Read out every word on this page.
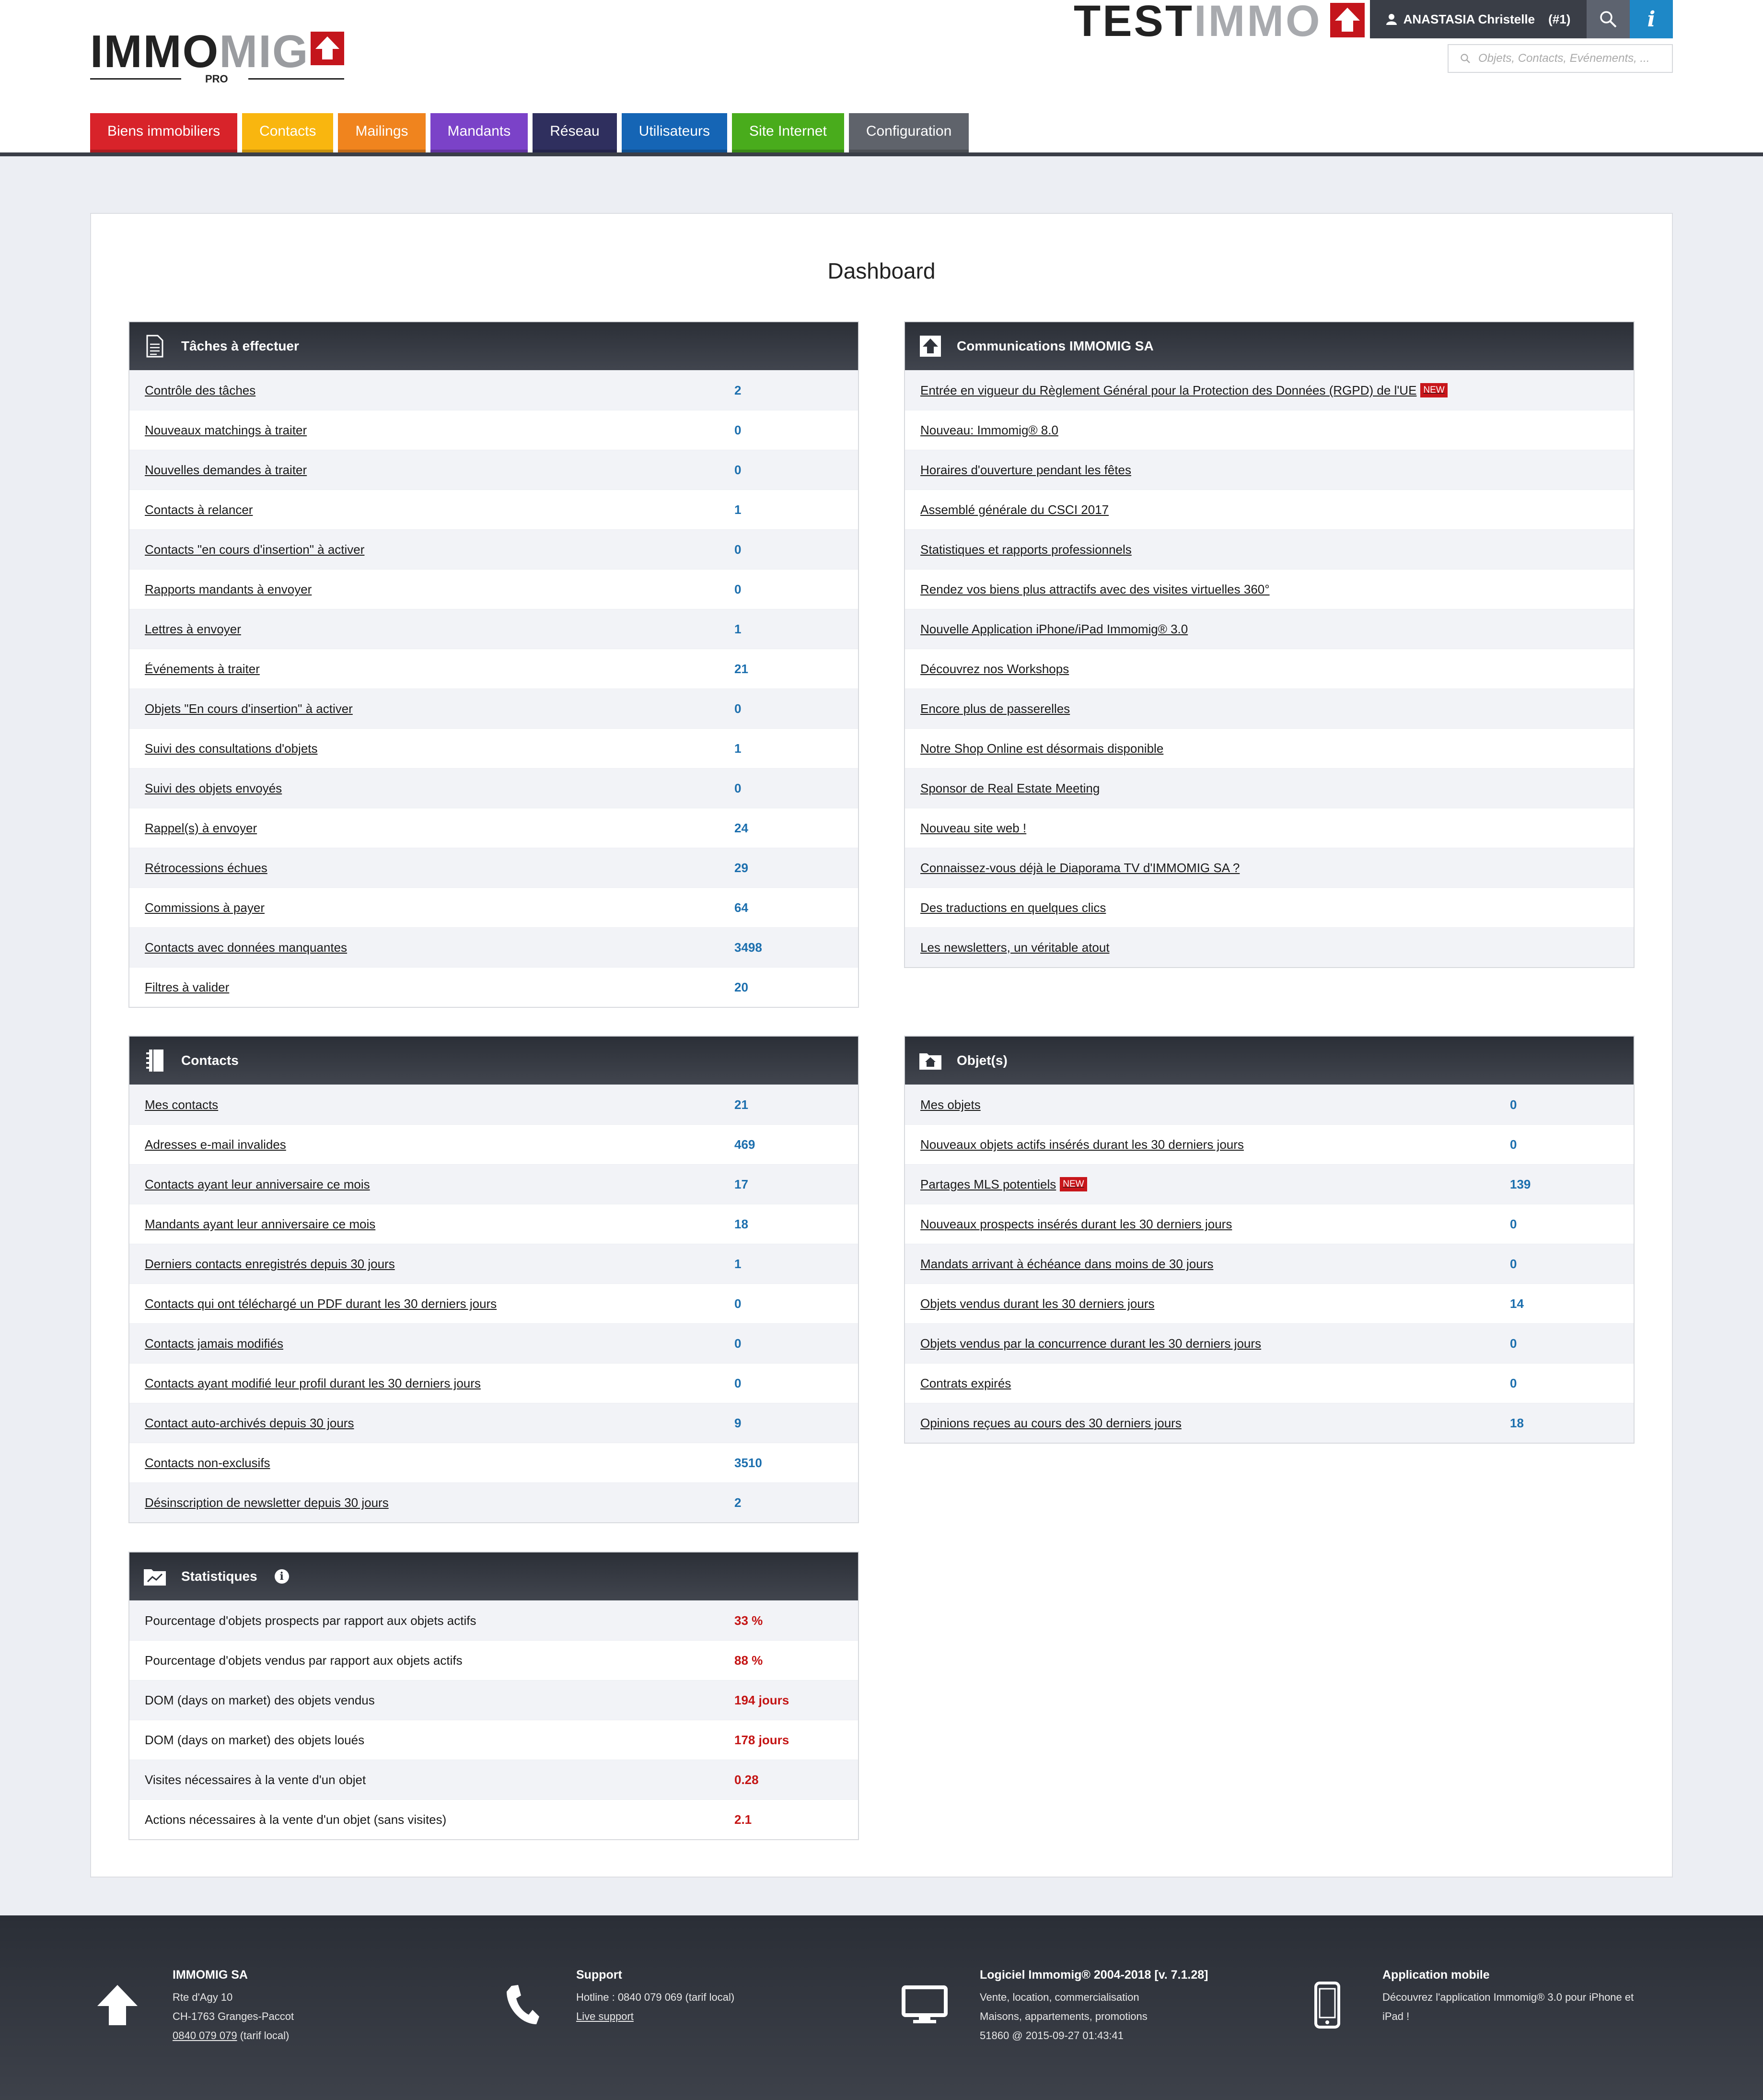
IMMOMIG
PRO
TESTIMMO	ANASTASIA Christelle (#1)	i
Objets, Contacts, Evénements, ...
Biens immobiliers	Contacts	Mailings	Mandants	Réseau	Utilisateurs	Site Internet	Configuration
Dashboard
Tâches à effectuer
Contrôle des tâches	2
Nouveaux matchings à traiter	0
Nouvelles demandes à traiter	0
Contacts à relancer	1
Contacts "en cours d'insertion" à activer	0
Rapports mandants à envoyer	0
Lettres à envoyer	1
Événements à traiter	21
Objets "En cours d'insertion" à activer	0
Suivi des consultations d'objets	1
Suivi des objets envoyés	0
Rappel(s) à envoyer	24
Rétrocessions échues	29
Commissions à payer	64
Contacts avec données manquantes	3498
Filtres à valider	20
Communications IMMOMIG SA
Entrée en vigueur du Règlement Général pour la Protection des Données (RGPD) de l'UE NEW
Nouveau: Immomig® 8.0
Horaires d'ouverture pendant les fêtes
Assemblé générale du CSCI 2017
Statistiques et rapports professionnels
Rendez vos biens plus attractifs avec des visites virtuelles 360°
Nouvelle Application iPhone/iPad Immomig® 3.0
Découvrez nos Workshops
Encore plus de passerelles
Notre Shop Online est désormais disponible
Sponsor de Real Estate Meeting
Nouveau site web !
Connaissez-vous déjà le Diaporama TV d'IMMOMIG SA ?
Des traductions en quelques clics
Les newsletters, un véritable atout
Contacts
Mes contacts	21
Adresses e-mail invalides	469
Contacts ayant leur anniversaire ce mois	17
Mandants ayant leur anniversaire ce mois	18
Derniers contacts enregistrés depuis 30 jours	1
Contacts qui ont téléchargé un PDF durant les 30 derniers jours	0
Contacts jamais modifiés	0
Contacts ayant modifié leur profil durant les 30 derniers jours	0
Contact auto-archivés depuis 30 jours	9
Contacts non-exclusifs	3510
Désinscription de newsletter depuis 30 jours	2
Objet(s)
Mes objets	0
Nouveaux objets actifs insérés durant les 30 derniers jours	0
Partages MLS potentiels NEW	139
Nouveaux prospects insérés durant les 30 derniers jours	0
Mandats arrivant à échéance dans moins de 30 jours	0
Objets vendus durant les 30 derniers jours	14
Objets vendus par la concurrence durant les 30 derniers jours	0
Contrats expirés	0
Opinions reçues au cours des 30 derniers jours	18
Statistiques	i
Pourcentage d'objets prospects par rapport aux objets actifs	33 %
Pourcentage d'objets vendus par rapport aux objets actifs	88 %
DOM (days on market) des objets vendus	194 jours
DOM (days on market) des objets loués	178 jours
Visites nécessaires à la vente d'un objet	0.28
Actions nécessaires à la vente d'un objet (sans visites)	2.1
IMMOMIG SA
Rte d'Agy 10
CH-1763 Granges-Paccot
0840 079 079 (tarif local)
Support
Hotline : 0840 079 069 (tarif local)
Live support
Logiciel Immomig® 2004-2018 [v. 7.1.28]
Vente, location, commercialisation
Maisons, appartements, promotions
51860 @ 2015-09-27 01:43:41
Application mobile
Découvrez l'application Immomig® 3.0 pour iPhone et
iPad !
